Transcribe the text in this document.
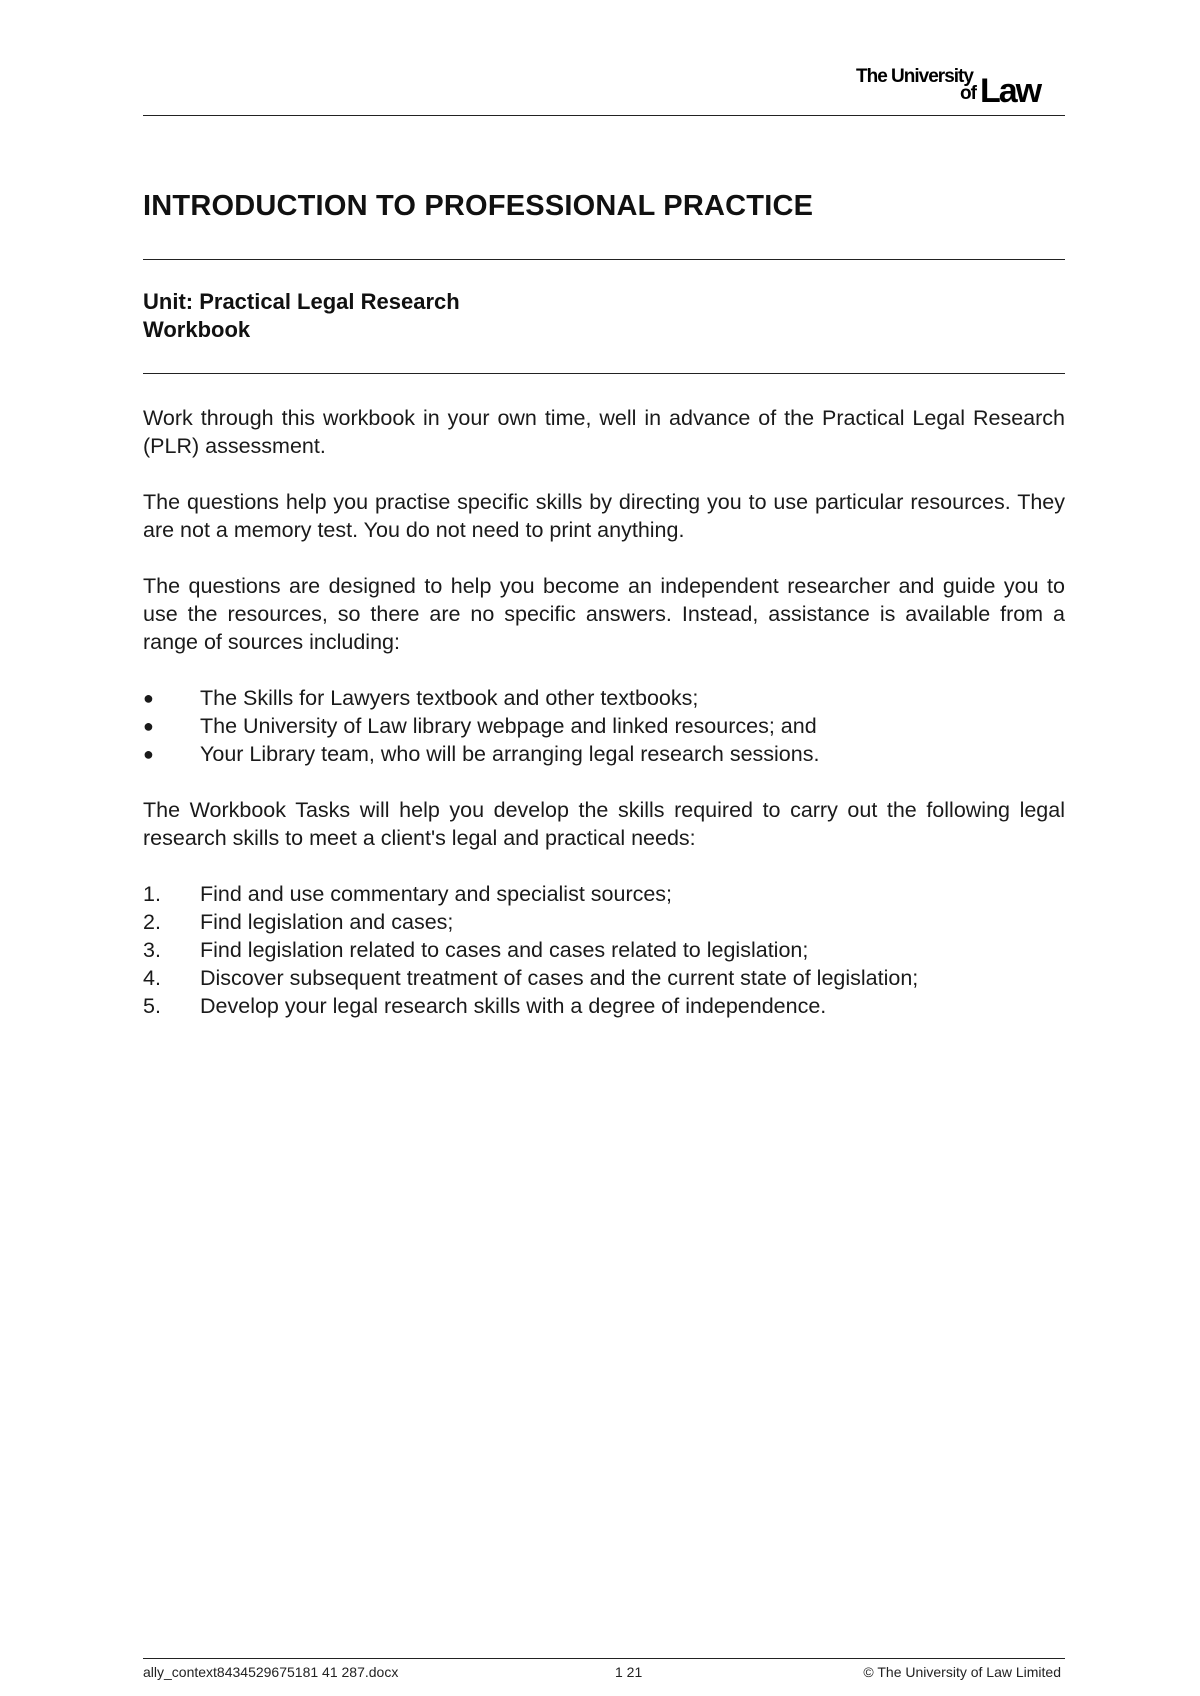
The University
of Law
INTRODUCTION TO PROFESSIONAL PRACTICE
Unit: Practical Legal Research
Workbook

Work through this workbook in your own time, well in advance of the Practical Legal Research (PLR) assessment.

The questions help you practise specific skills by directing you to use particular resources. They are not a memory test. You do not need to print anything.

The questions are designed to help you become an independent researcher and guide you to use the resources, so there are no specific answers. Instead, assistance is available from a range of sources including:

● The Skills for Lawyers textbook and other textbooks;
● The University of Law library webpage and linked resources; and
● Your Library team, who will be arranging legal research sessions.

The Workbook Tasks will help you develop the skills required to carry out the following legal research skills to meet a client's legal and practical needs:

1. Find and use commentary and specialist sources;
2. Find legislation and cases;
3. Find legislation related to cases and cases related to legislation;
4. Discover subsequent treatment of cases and the current state of legislation;
5. Develop your legal research skills with a degree of independence.
ally_context8434529675181 41 287.docx	1 21	© The University of Law Limited
